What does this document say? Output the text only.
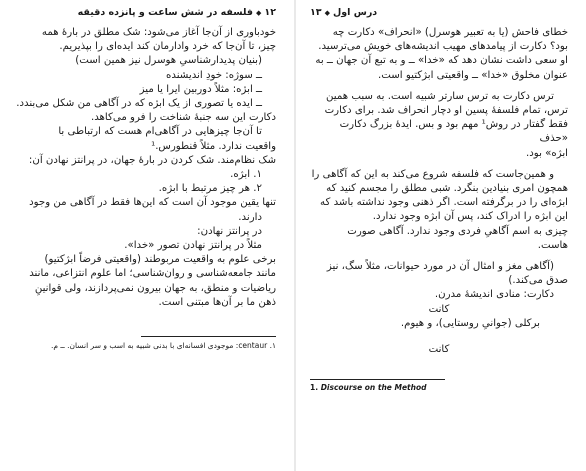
۱۲◆فلسفه در شش ساعت و پانزده دقیقه

خودباوری از آن‌جا آغاز می‌شود: شک مطلق در بارهٔ همه

چیز، تا آن‌جا که خرد وادارمان کند ایده‌ای را بپذیریم.

(بنیان پدیدارشناسیِ هوسرل نیز همین است)

ــ سوژه: خودِ اندیشنده

ــ ابژه: مثلاً دوربین ایرا یا میز

ــ ایده یا تصوری از یک ابژه که در آگاهی من شکل می‌بندد.

دکارت این سه جنبهٔ شناخت را فرو می‌کاهد.

تا آن‌جا چیزهایی در آگاهی‌ام هست که ارتباطی با

واقعیت ندارد. مثلاً قنطورس.¹

شک نظام‌مند. شک کردن در بارهٔ جهان، در پرانتز نهادن آن:

۱. ابژه.

۲. هر چیز مرتبط با ابژه.

تنها یقین موجود آن است که این‌ها فقط در آگاهی من وجود

دارند.

در پرانتز نهادن:

مثلاً در پرانتز نهادن تصور «خدا».

برخی علوم به واقعیت مربوطند (واقعیتی فرضاً ابژکتیو)

مانند جامعه‌شناسی و روان‌شناسی؛ اما علوم انتزاعی، مانند

ریاضیات و منطق، به جهان بیرون نمی‌پردازند، ولی قوانینِ

ذهن ما بر آن‌ها مبتنی است.

۱. centaur: موجودی افسانه‌ای با بدنی شبیه به اسب و سر انسان. ــ م.
درس اول◆۱۳

خطای فاحش (یا به تعبیر هوسرل) «انحراف» دکارت چه

بود؟ دکارت از پیامدهای مهیب اندیشه‌های خویش می‌ترسید.

او سعی داشت نشان دهد که «خدا» ــ و به تبع آن جهان ــ به

عنوان مخلوق «خدا» ــ واقعیتی ابژکتیو است.

ترس دکارت به ترس سارتر شبیه است. به سبب همین

ترس، تمام فلسفهٔ پسین او دچار انحراف شد. برای دکارت

فقط گفتار در روش¹ مهم بود و بس. ایدهٔ بزرگ دکارت «حذف

ابژه» بود.

و همین‌جاست که فلسفه شروع می‌کند به این که آگاهی را

همچون امری بنیادین بنگرد. شبی مطلق را مجسم کنید که

ابژه‌ای را در برگرفته است. اگر ذهنی وجود نداشته باشد که

این ابژه را ادراک کند، پس آن ابژه وجود ندارد.

چیزی به اسم آگاهیِ فردی وجود ندارد. آگاهی صورت

هاست.

(آگاهی مغز و امثال آن در مورد حیوانات، مثلاً سگ، نیز

صدق می‌کند.)

دکارت: منادی اندیشهٔ مدرن.

کانت

برکلی (جوانیِ روستایی)، و هیوم.

کانت

1. Discourse on the Method
